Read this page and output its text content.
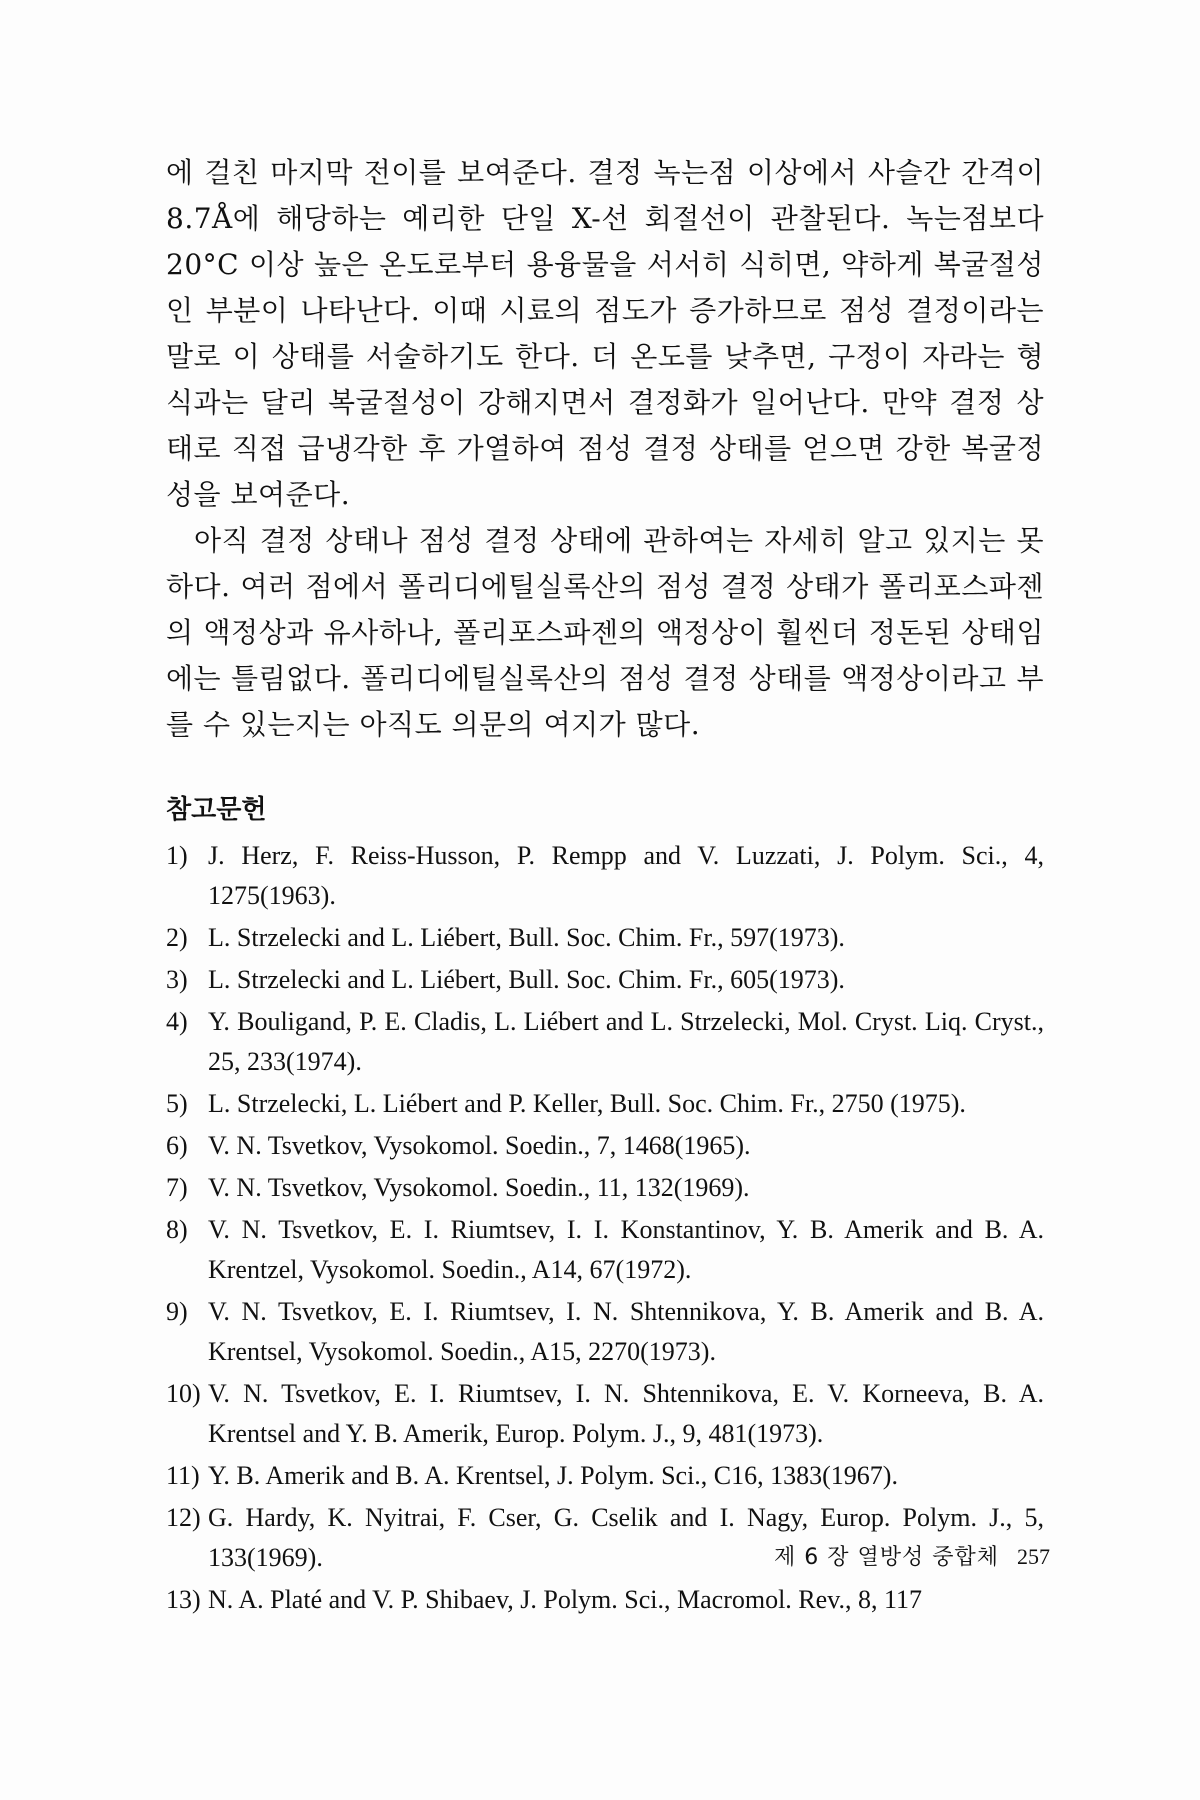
에 걸친 마지막 전이를 보여준다. 결정 녹는점 이상에서 사슬간 간격이 8.7Å에 해당하는 예리한 단일 X-선 회절선이 관찰된다. 녹는점보다 20°C 이상 높은 온도로부터 용융물을 서서히 식히면, 약하게 복굴절성인 부분이 나타난다. 이때 시료의 점도가 증가하므로 점성 결정이라는 말로 이 상태를 서술하기도 한다. 더 온도를 낮추면, 구정이 자라는 형식과는 달리 복굴절성이 강해지면서 결정화가 일어난다. 만약 결정 상태로 직접 급냉각한 후 가열하여 점성 결정 상태를 얻으면 강한 복굴정성을 보여준다.

아직 결정 상태나 점성 결정 상태에 관하여는 자세히 알고 있지는 못하다. 여러 점에서 폴리디에틸실록산의 점성 결정 상태가 폴리포스파젠의 액정상과 유사하나, 폴리포스파젠의 액정상이 훨씬더 정돈된 상태임에는 틀림없다. 폴리디에틸실록산의 점성 결정 상태를 액정상이라고 부를 수 있는지는 아직도 의문의 여지가 많다.

참고문헌
1) J. Herz, F. Reiss-Husson, P. Rempp and V. Luzzati, J. Polym. Sci., 4, 1275(1963).
2) L. Strzelecki and L. Liébert, Bull. Soc. Chim. Fr., 597(1973).
3) L. Strzelecki and L. Liébert, Bull. Soc. Chim. Fr., 605(1973).
4) Y. Bouligand, P. E. Cladis, L. Liébert and L. Strzelecki, Mol. Cryst. Liq. Cryst., 25, 233(1974).
5) L. Strzelecki, L. Liébert and P. Keller, Bull. Soc. Chim. Fr., 2750 (1975).
6) V. N. Tsvetkov, Vysokomol. Soedin., 7, 1468(1965).
7) V. N. Tsvetkov, Vysokomol. Soedin., 11, 132(1969).
8) V. N. Tsvetkov, E. I. Riumtsev, I. I. Konstantinov, Y. B. Amerik and B. A. Krentzel, Vysokomol. Soedin., A14, 67(1972).
9) V. N. Tsvetkov, E. I. Riumtsev, I. N. Shtennikova, Y. B. Amerik and B. A. Krentsel, Vysokomol. Soedin., A15, 2270(1973).
10) V. N. Tsvetkov, E. I. Riumtsev, I. N. Shtennikova, E. V. Korneeva, B. A. Krentsel and Y. B. Amerik, Europ. Polym. J., 9, 481(1973).
11) Y. B. Amerik and B. A. Krentsel, J. Polym. Sci., C16, 1383(1967).
12) G. Hardy, K. Nyitrai, F. Cser, G. Cselik and I. Nagy, Europ. Polym. J., 5, 133(1969).
13) N. A. Platé and V. P. Shibaev, J. Polym. Sci., Macromol. Rev., 8, 117
제 6 장 열방성 중합체 257
